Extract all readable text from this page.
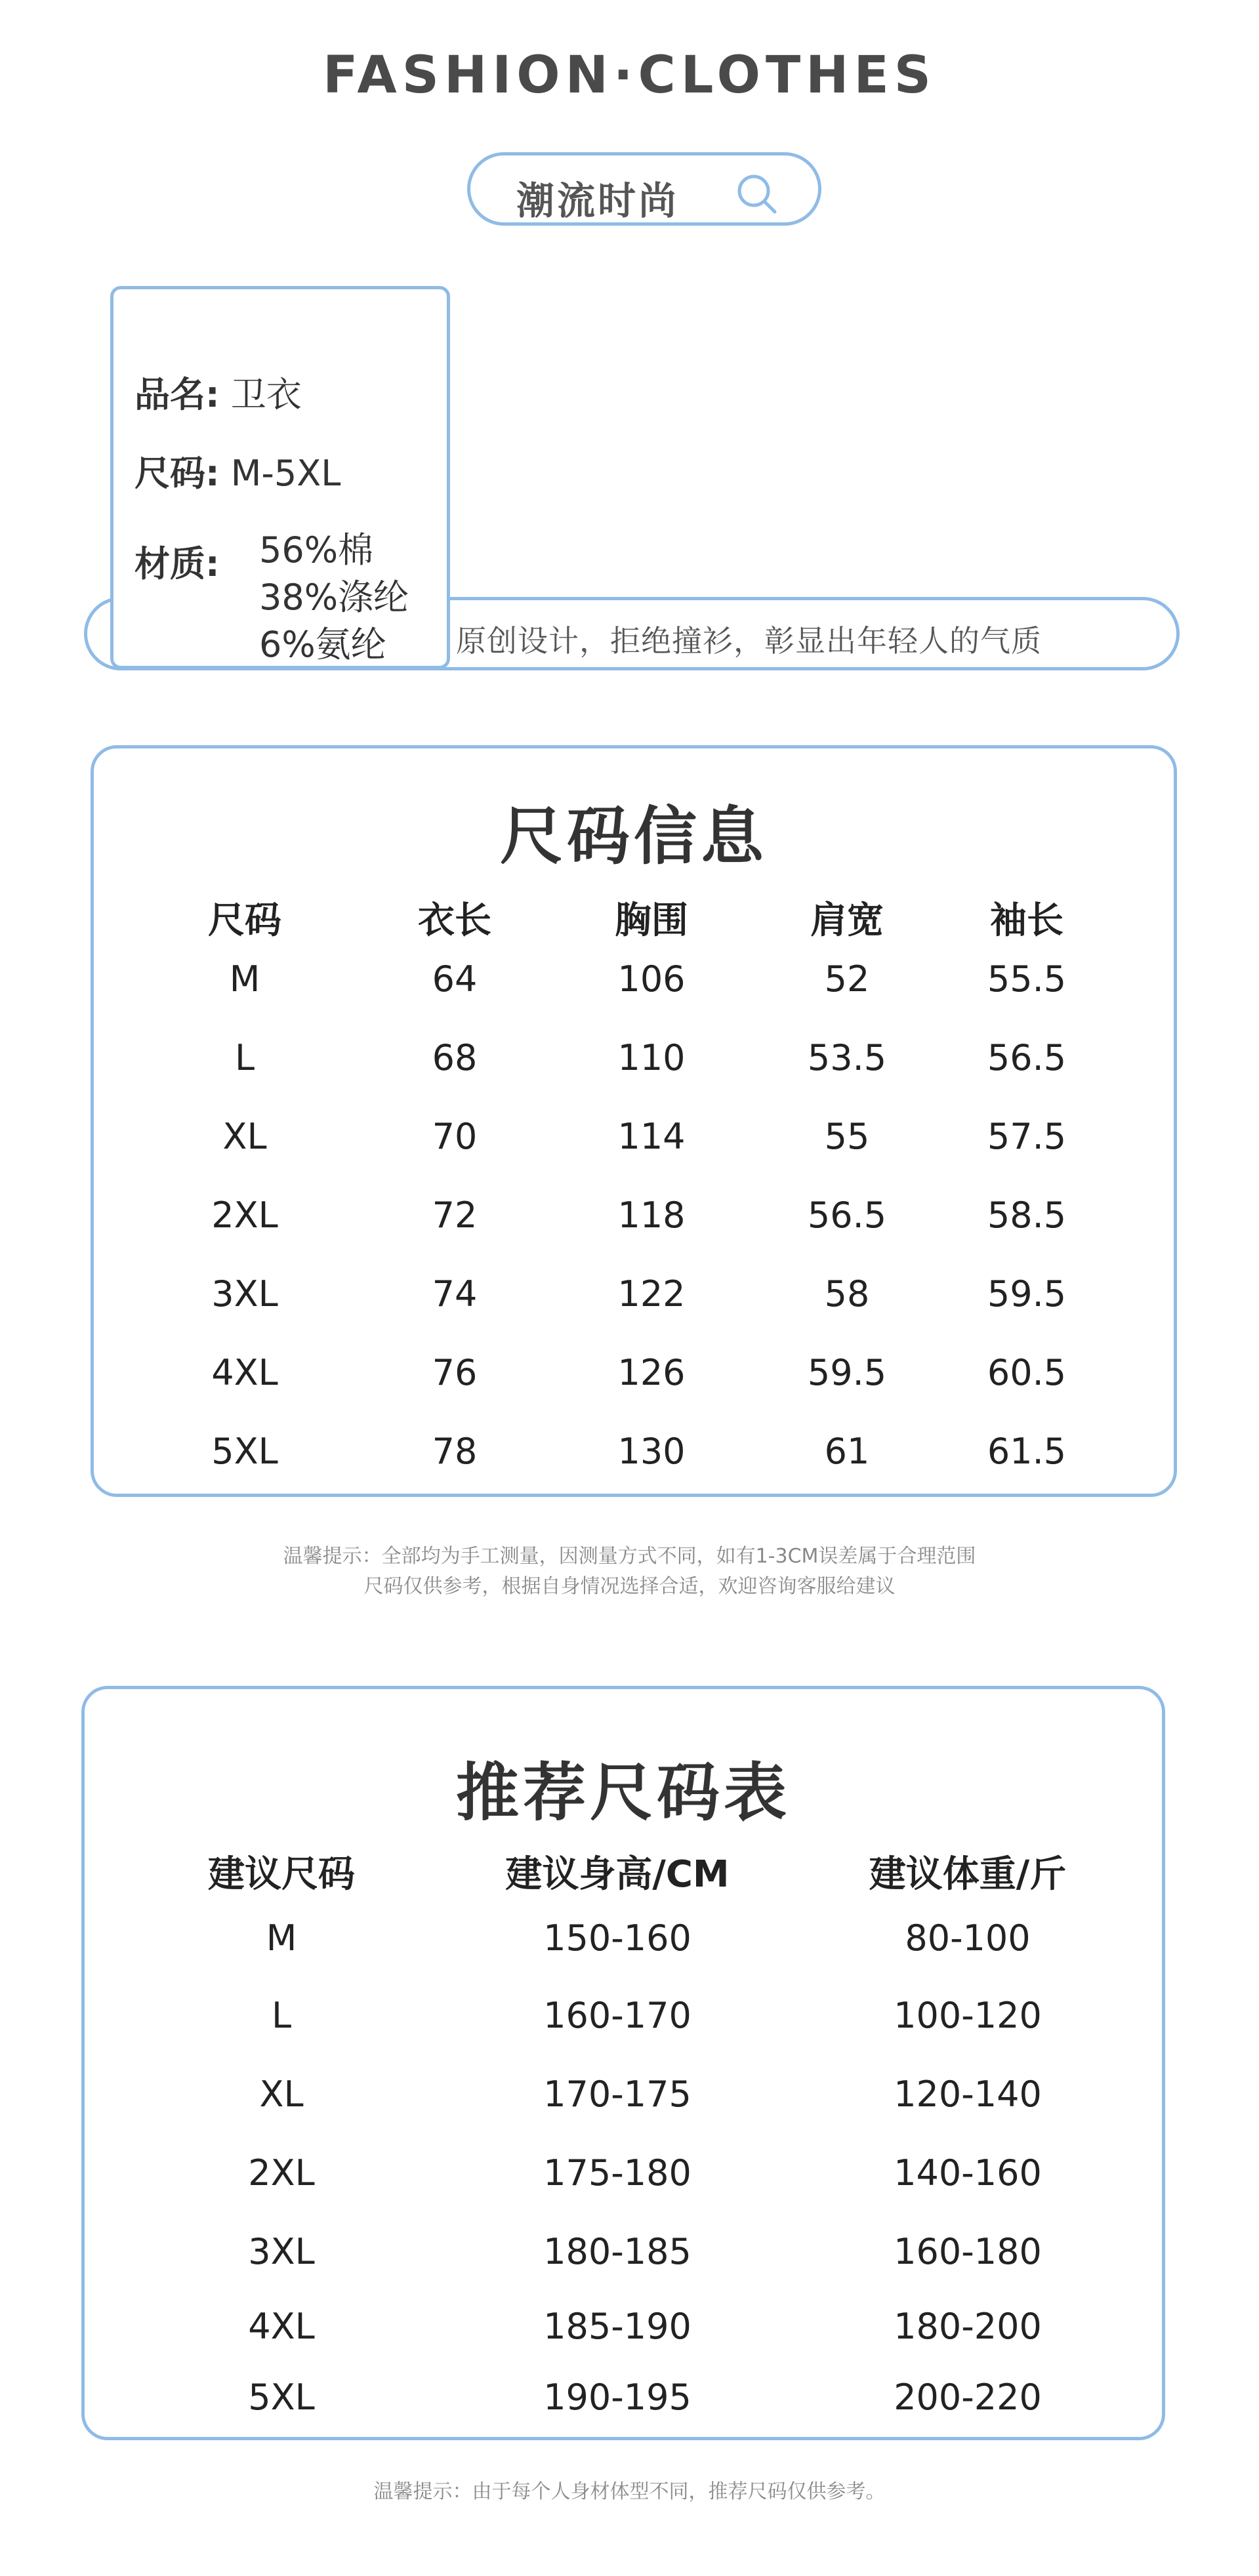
FASHION·CLOTHES
潮流时尚
原创设计，拒绝撞衫，彰显出年轻人的气质
品名: 卫衣
尺码: M-5XL
材质: 56%棉
38%涤纶
6%氨纶
尺码信息
尺码	衣长	胸围	肩宽	袖长
M	64	106	52	55.5
L	68	110	53.5	56.5
XL	70	114	55	57.5
2XL	72	118	56.5	58.5
3XL	74	122	58	59.5
4XL	76	126	59.5	60.5
5XL	78	130	61	61.5
温馨提示：全部均为手工测量，因测量方式不同，如有1-3CM误差属于合理范围
尺码仅供参考，根据自身情况选择合适，欢迎咨询客服给建议
推荐尺码表
建议尺码	建议身高/CM	建议体重/斤
M	150-160	80-100
L	160-170	100-120
XL	170-175	120-140
2XL	175-180	140-160
3XL	180-185	160-180
4XL	185-190	180-200
5XL	190-195	200-220
温馨提示：由于每个人身材体型不同，推荐尺码仅供参考。
